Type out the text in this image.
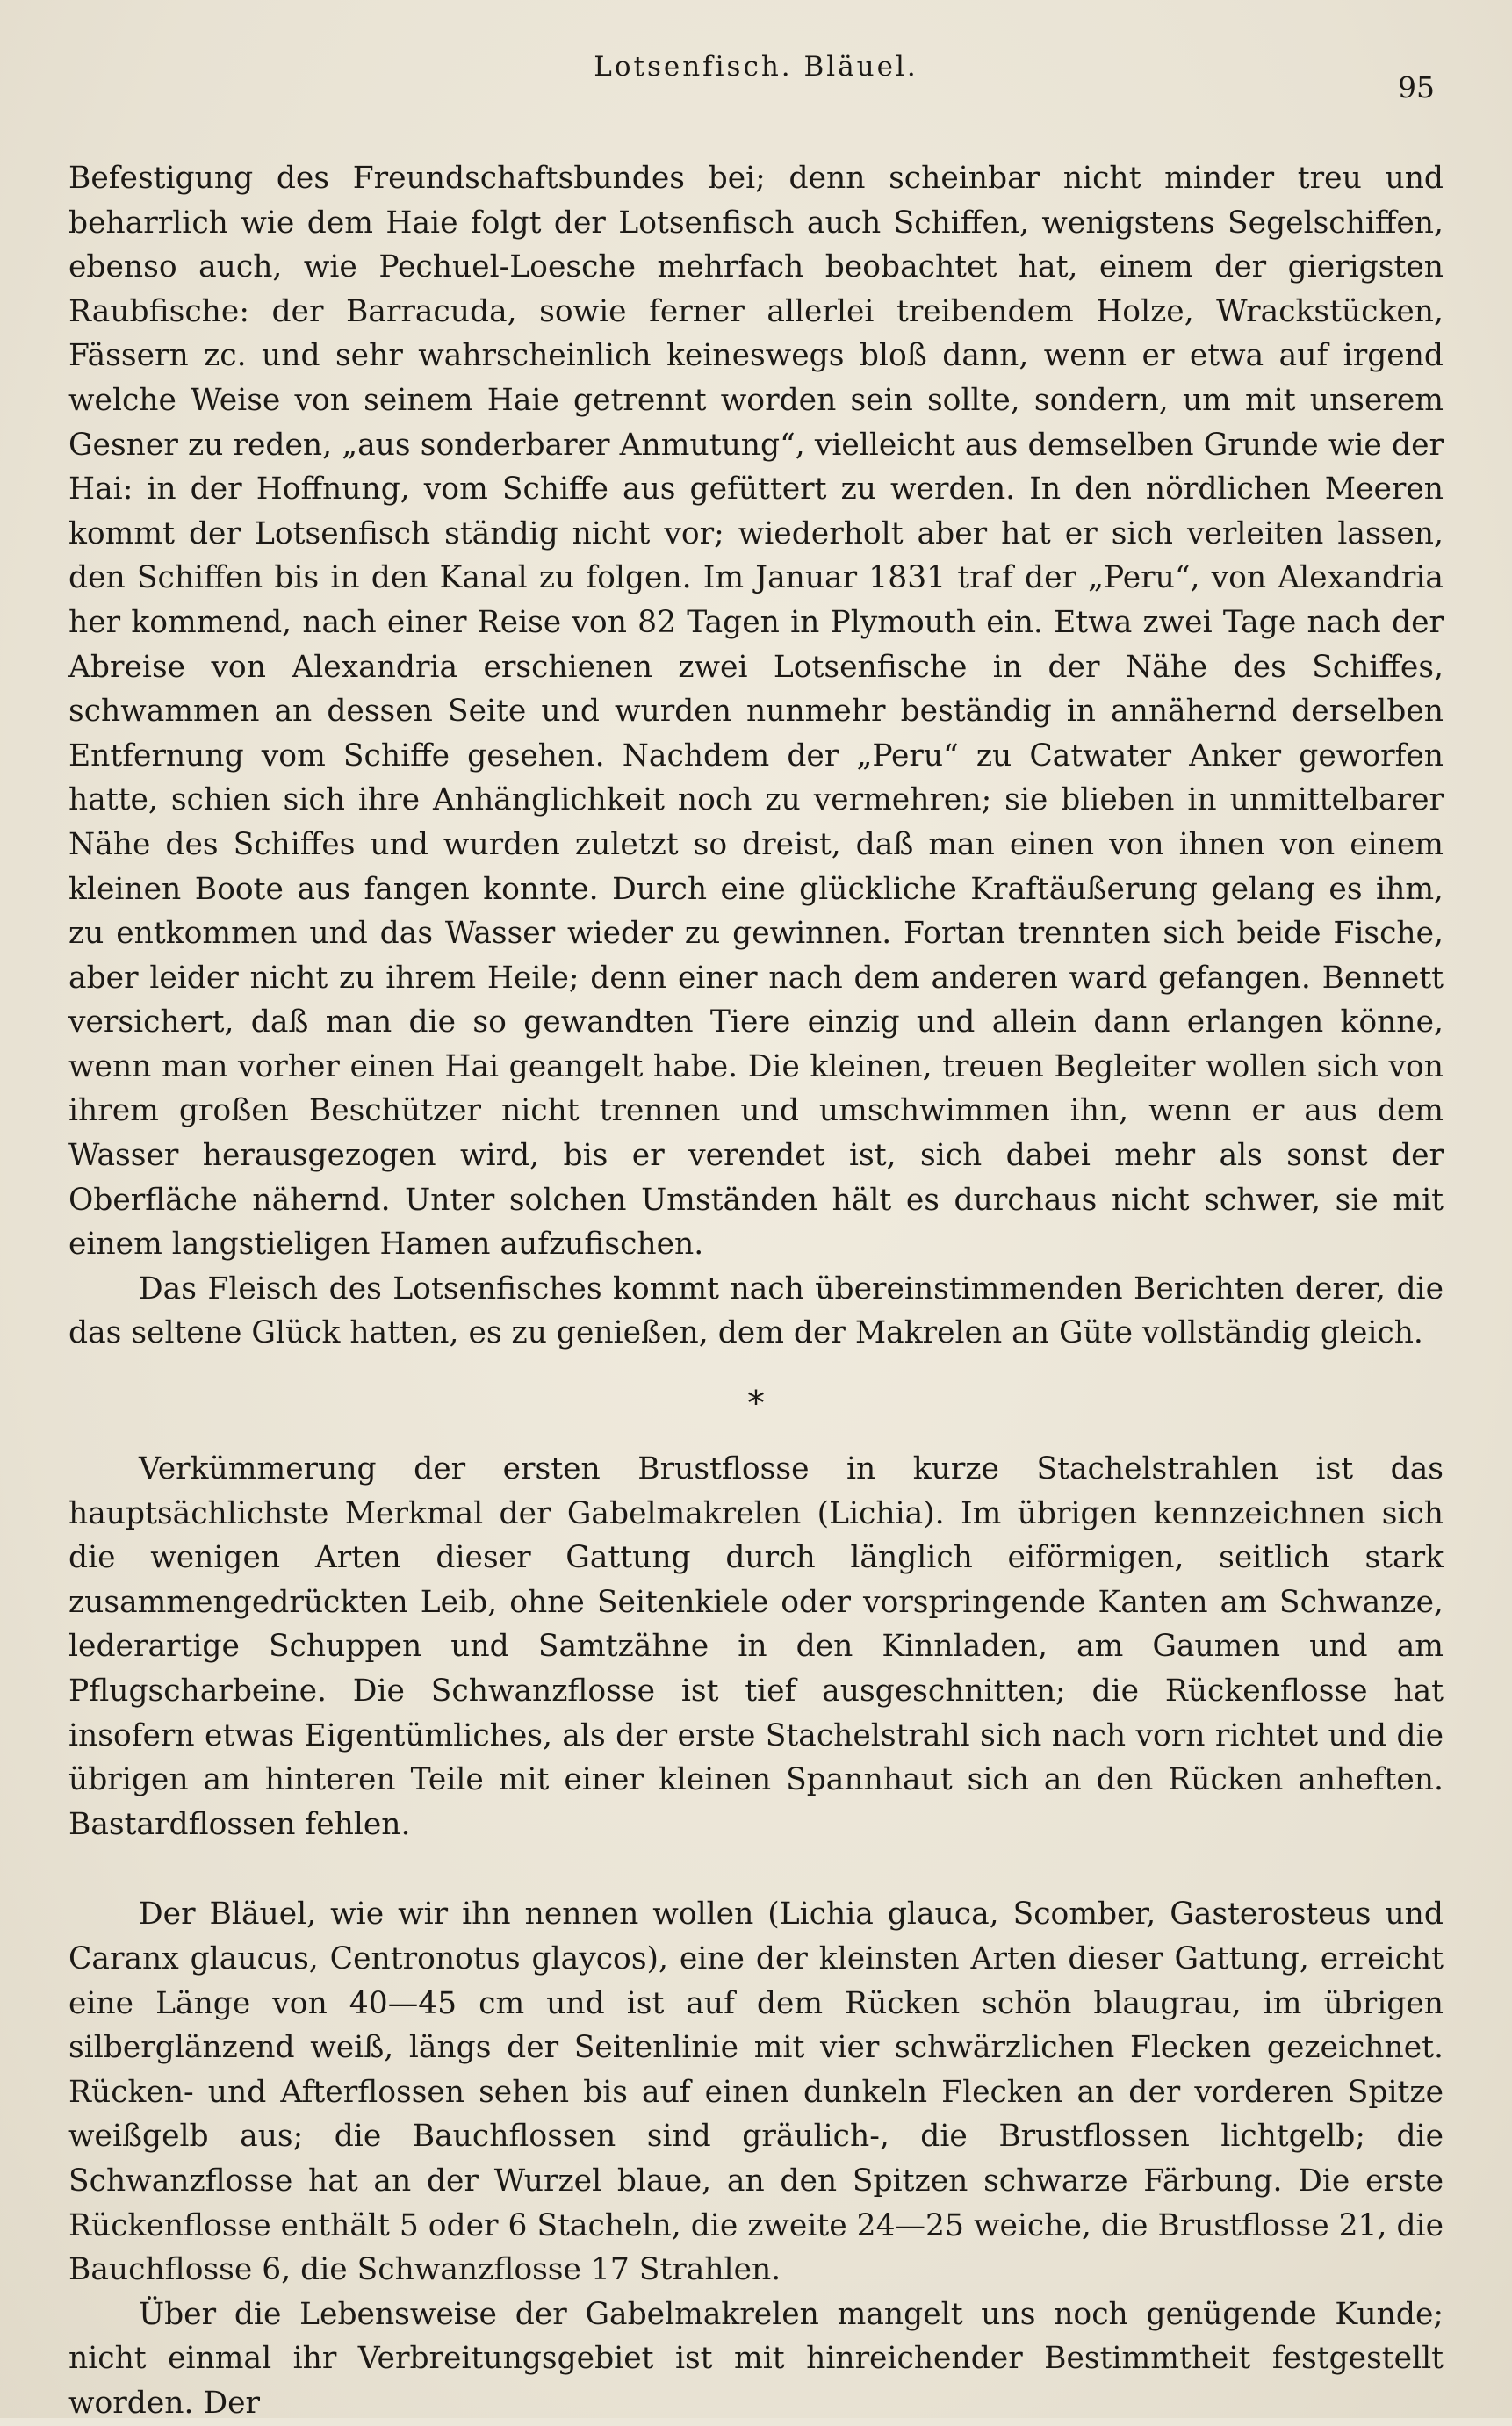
Lotsenfisch. Bläuel.
95

Befestigung des Freundschaftsbundes bei; denn scheinbar nicht minder treu und beharrlich wie dem Haie folgt der Lotsenfisch auch Schiffen, wenigstens Segelschiffen, ebenso auch, wie Pechuel-Loesche mehrfach beobachtet hat, einem der gierigsten Raubfische: der Barracuda, sowie ferner allerlei treibendem Holze, Wrackstücken, Fässern zc. und sehr wahrscheinlich keineswegs bloß dann, wenn er etwa auf irgend welche Weise von seinem Haie getrennt worden sein sollte, sondern, um mit unserem Gesner zu reden, „aus sonderbarer Anmutung“, vielleicht aus demselben Grunde wie der Hai: in der Hoffnung, vom Schiffe aus gefüttert zu werden. In den nördlichen Meeren kommt der Lotsenfisch ständig nicht vor; wiederholt aber hat er sich verleiten lassen, den Schiffen bis in den Kanal zu folgen. Im Januar 1831 traf der „Peru“, von Alexandria her kommend, nach einer Reise von 82 Tagen in Plymouth ein. Etwa zwei Tage nach der Abreise von Alexandria erschienen zwei Lotsenfische in der Nähe des Schiffes, schwammen an dessen Seite und wurden nunmehr beständig in annähernd derselben Entfernung vom Schiffe gesehen. Nachdem der „Peru“ zu Catwater Anker geworfen hatte, schien sich ihre Anhänglichkeit noch zu vermehren; sie blieben in unmittelbarer Nähe des Schiffes und wurden zuletzt so dreist, daß man einen von ihnen von einem kleinen Boote aus fangen konnte. Durch eine glückliche Kraftäußerung gelang es ihm, zu entkommen und das Wasser wieder zu gewinnen. Fortan trennten sich beide Fische, aber leider nicht zu ihrem Heile; denn einer nach dem anderen ward gefangen. Bennett versichert, daß man die so gewandten Tiere einzig und allein dann erlangen könne, wenn man vorher einen Hai geangelt habe. Die kleinen, treuen Begleiter wollen sich von ihrem großen Beschützer nicht trennen und umschwimmen ihn, wenn er aus dem Wasser herausgezogen wird, bis er verendet ist, sich dabei mehr als sonst der Oberfläche nähernd. Unter solchen Umständen hält es durchaus nicht schwer, sie mit einem langstieligen Hamen aufzufischen.

Das Fleisch des Lotsenfisches kommt nach übereinstimmenden Berichten derer, die das seltene Glück hatten, es zu genießen, dem der Makrelen an Güte vollständig gleich.

*

Verkümmerung der ersten Brustflosse in kurze Stachelstrahlen ist das hauptsächlichste Merkmal der Gabelmakrelen (Lichia). Im übrigen kennzeichnen sich die wenigen Arten dieser Gattung durch länglich eiförmigen, seitlich stark zusammengedrückten Leib, ohne Seitenkiele oder vorspringende Kanten am Schwanze, lederartige Schuppen und Samtzähne in den Kinnladen, am Gaumen und am Pflugscharbeine. Die Schwanzflosse ist tief ausgeschnitten; die Rückenflosse hat insofern etwas Eigentümliches, als der erste Stachelstrahl sich nach vorn richtet und die übrigen am hinteren Teile mit einer kleinen Spannhaut sich an den Rücken anheften. Bastardflossen fehlen.

Der Bläuel, wie wir ihn nennen wollen (Lichia glauca, Scomber, Gasterosteus und Caranx glaucus, Centronotus glaycos), eine der kleinsten Arten dieser Gattung, erreicht eine Länge von 40—45 cm und ist auf dem Rücken schön blaugrau, im übrigen silberglänzend weiß, längs der Seitenlinie mit vier schwärzlichen Flecken gezeichnet. Rücken- und Afterflossen sehen bis auf einen dunkeln Flecken an der vorderen Spitze weißgelb aus; die Bauchflossen sind gräulich-, die Brustflossen lichtgelb; die Schwanzflosse hat an der Wurzel blaue, an den Spitzen schwarze Färbung. Die erste Rückenflosse enthält 5 oder 6 Stacheln, die zweite 24—25 weiche, die Brustflosse 21, die Bauchflosse 6, die Schwanzflosse 17 Strahlen.

Über die Lebensweise der Gabelmakrelen mangelt uns noch genügende Kunde; nicht einmal ihr Verbreitungsgebiet ist mit hinreichender Bestimmtheit festgestellt worden. Der
